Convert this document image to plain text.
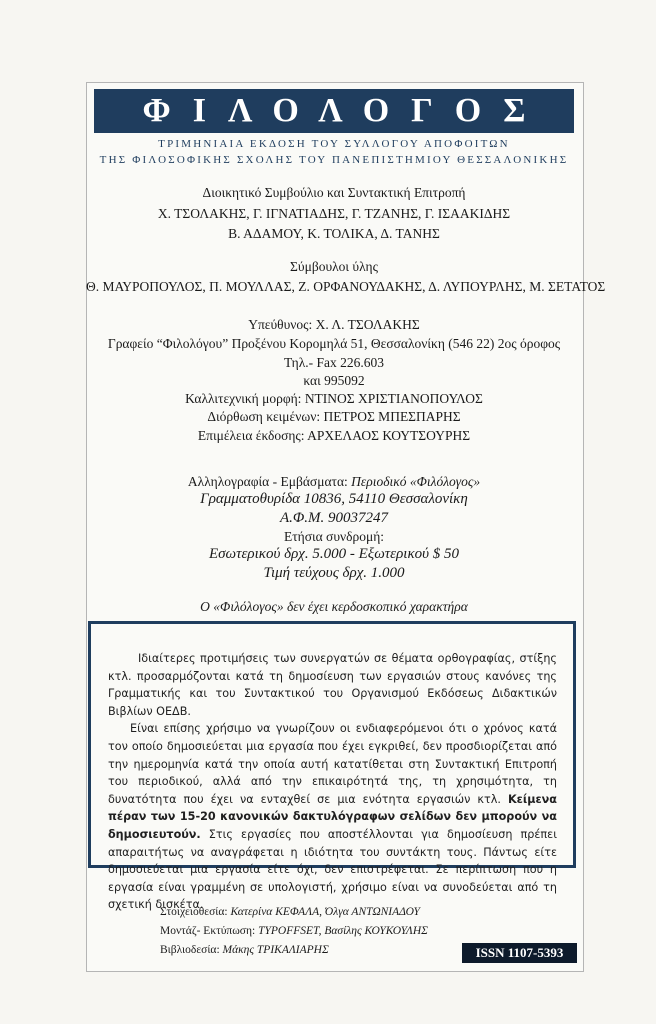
ΦΙΛΟΛΟΓΟΣ
ΤΡΙΜΗΝΙΑΙΑ ΕΚΔΟΣΗ ΤΟΥ ΣΥΛΛΟΓΟΥ ΑΠΟΦΟΙΤΩΝ
ΤΗΣ ΦΙΛΟΣΟΦΙΚΗΣ ΣΧΟΛΗΣ ΤΟΥ ΠΑΝΕΠΙΣΤΗΜΙΟΥ ΘΕΣΣΑΛΟΝΙΚΗΣ
Διοικητικό Συμβούλιο και Συντακτική Επιτροπή
Χ. ΤΣΟΛΑΚΗΣ, Γ. ΙΓΝΑΤΙΑΔΗΣ, Γ. ΤΖΑΝΗΣ, Γ. ΙΣΑΑΚΙΔΗΣ
Β. ΑΔΑΜΟΥ, Κ. ΤΟΛΙΚΑ, Δ. ΤΑΝΗΣ
Σύμβουλοι ύλης
Θ. ΜΑΥΡΟΠΟΥΛΟΣ, Π. ΜΟΥΛΛΑΣ, Ζ. ΟΡΦΑΝΟΥΔΑΚΗΣ, Δ. ΛΥΠΟΥΡΛΗΣ, Μ. ΣΕΤΑΤΟΣ
Υπεύθυνος: Χ. Λ. ΤΣΟΛΑΚΗΣ
Γραφείο “Φιλολόγου” Προξένου Κορομηλά 51, Θεσσαλονίκη (546 22) 2ος όροφος
Τηλ.- Fax 226.603
και 995092
Καλλιτεχνική μορφή: ΝΤΙΝΟΣ ΧΡΙΣΤΙΑΝΟΠΟΥΛΟΣ
Διόρθωση κειμένων: ΠΕΤΡΟΣ ΜΠΕΣΠΑΡΗΣ
Επιμέλεια έκδοσης: ΑΡΧΕΛΑΟΣ ΚΟΥΤΣΟΥΡΗΣ
Αλληλογραφία - Εμβάσματα: Περιοδικό «Φιλόλογος»
Γραμματοθυρίδα 10836, 54110 Θεσσαλονίκη
Α.Φ.Μ. 90037247
Ετήσια συνδρομή:
Εσωτερικού δρχ. 5.000 - Εξωτερικού $ 50
Τιμή τεύχους δρχ. 1.000
Ο «Φιλόλογος» δεν έχει κερδοσκοπικό χαρακτήρα

Ιδιαίτερες προτιμήσεις των συνεργατών σε θέματα ορθογραφίας, στίξης κτλ. προσαρμόζονται κατά τη δημοσίευση των εργασιών στους κανόνες της Γραμματικής και του Συντακτικού του Οργανισμού Εκδόσεως Διδακτικών Βιβλίων ΟΕΔΒ.

Είναι επίσης χρήσιμο να γνωρίζουν οι ενδιαφερόμενοι ότι ο χρόνος κατά τον οποίο δημοσιεύεται μια εργασία που έχει εγκριθεί, δεν προσδιορίζεται από την ημερομηνία κατά την οποία αυτή κατατίθεται στη Συντακτική Επιτροπή του περιοδικού, αλλά από την επικαιρότητά της, τη χρησιμότητα, τη δυνατότητα που έχει να ενταχθεί σε μια ενότητα εργασιών κτλ. Κείμενα πέραν των 15-20 κανονικών δακτυλόγραφων σελίδων δεν μπορούν να δημοσιευτούν. Στις εργασίες που αποστέλλονται για δημοσίευση πρέπει απαραιτήτως να αναγράφεται η ιδιότητα του συντάκτη τους. Πάντως είτε δημοσιεύεται μια εργασία είτε όχι, δεν επιστρέφεται. Σε περίπτωση που η εργασία είναι γραμμένη σε υπολογιστή, χρήσιμο είναι να συνοδεύεται από τη σχετική δισκέτα.

Στοιχειοθεσία: Κατερίνα ΚΕΦΑΛΑ, Όλγα ΑΝΤΩΝΙΑΔΟΥ
Μοντάζ- Εκτύπωση: TYPOFFSET, Βασίλης ΚΟΥΚΟΥΛΗΣ
Βιβλιοδεσία: Μάκης ΤΡΙΚΑΛΙΑΡΗΣ	ISSN 1107-5393
